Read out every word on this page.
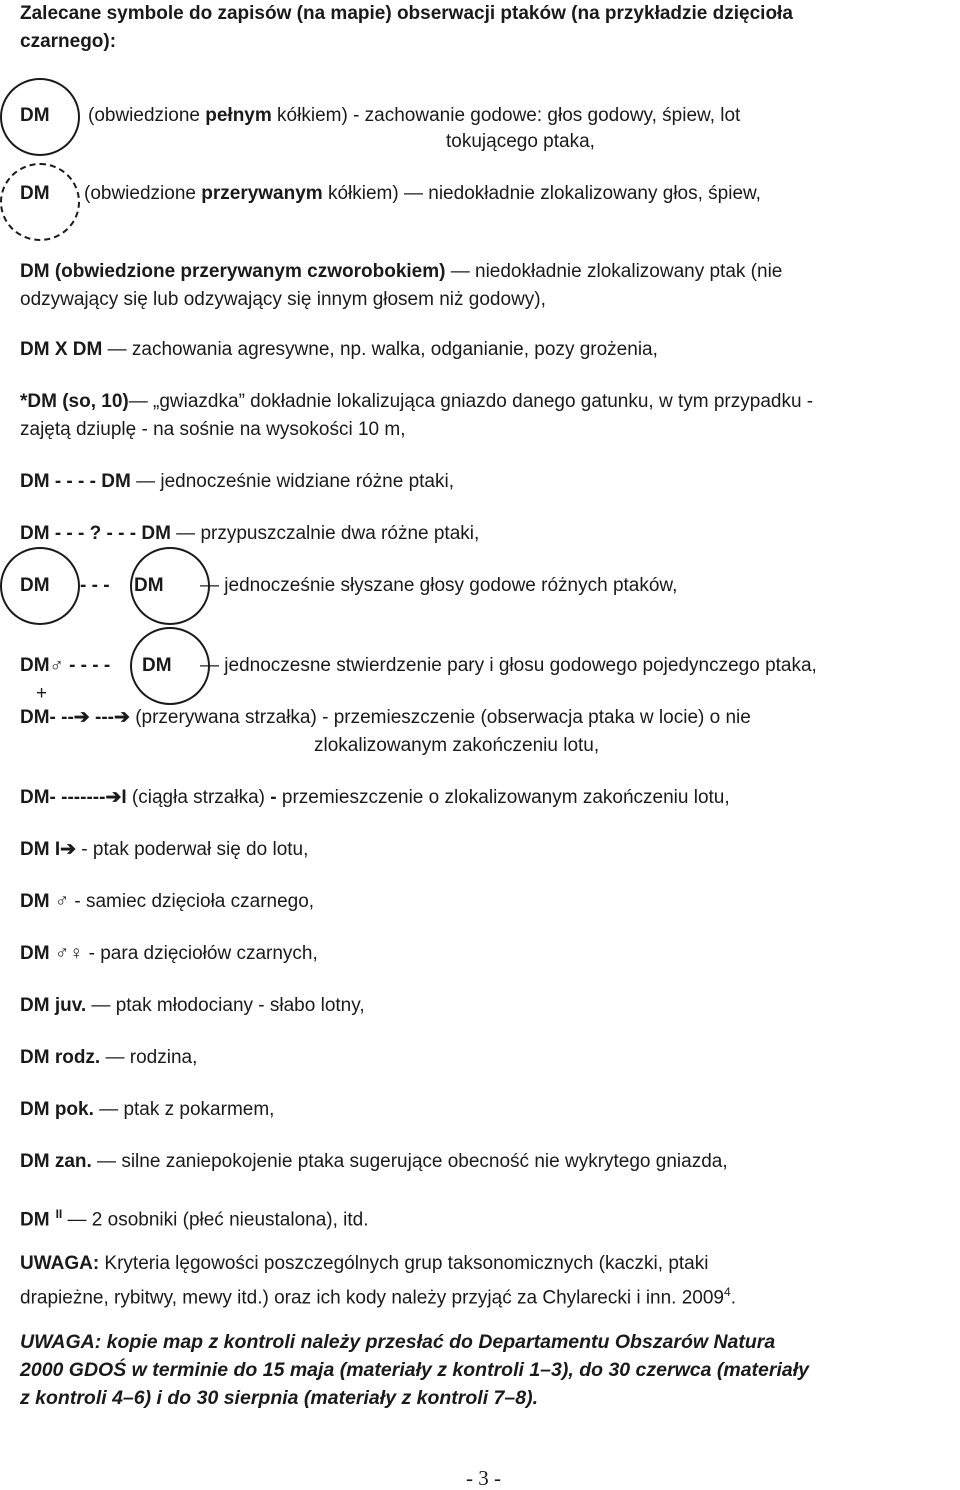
Zalecane symbole do zapisów (na mapie) obserwacji ptaków (na przykładzie dzięcioła
czarnego):
DM (obwiedzione pełnym kółkiem) - zachowanie godowe: głos godowy, śpiew, lot
tokującego ptaka,
DM (obwiedzione przerywanym kółkiem) — niedokładnie zlokalizowany głos, śpiew,
DM (obwiedzione przerywanym czworobokiem) — niedokładnie zlokalizowany ptak (nie
odzywający się lub odzywający się innym głosem niż godowy),
DM X DM — zachowania agresywne, np. walka, odganianie, pozy grożenia,
*DM (so, 10)— „gwiazdka” dokładnie lokalizująca gniazdo danego gatunku, w tym przypadku -
zajętą dziuplę - na sośnie na wysokości 10 m,
DM - - - - DM — jednocześnie widziane różne ptaki,
DM - - - ? - - - DM — przypuszczalnie dwa różne ptaki,
DM - - - DM — jednocześnie słyszane głosy godowe różnych ptaków,
DM♂ - - - - DM — jednoczesne stwierdzenie pary i głosu godowego pojedynczego ptaka,
+
DM- --➔ ---➔ (przerywana strzałka) - przemieszczenie (obserwacja ptaka w locie) o nie
zlokalizowanym zakończeniu lotu,
DM- -------➔I (ciągła strzałka) - przemieszczenie o zlokalizowanym zakończeniu lotu,
DM I➔ - ptak poderwał się do lotu,
DM ♂ - samiec dzięcioła czarnego,
DM ♂♀ - para dzięciołów czarnych,
DM juv. — ptak młodociany - słabo lotny,
DM rodz. — rodzina,
DM pok. — ptak z pokarmem,
DM zan. — silne zaniepokojenie ptaka sugerujące obecność nie wykrytego gniazda,
DM $^{II}$ — 2 osobniki (płeć nieustalona), itd.
UWAGA: Kryteria lęgowości poszczególnych grup taksonomicznych (kaczki, ptaki
drapieżne, rybitwy, mewy itd.) oraz ich kody należy przyjąć za Chylarecki i inn. 2009$^4$.
UWAGA: kopie map z kontroli należy przesłać do Departamentu Obszarów Natura
2000 GDOŚ w terminie do 15 maja (materiały z kontroli 1–3), do 30 czerwca (materiały
z kontroli 4–6) i do 30 sierpnia (materiały z kontroli 7–8).
- 3 -
